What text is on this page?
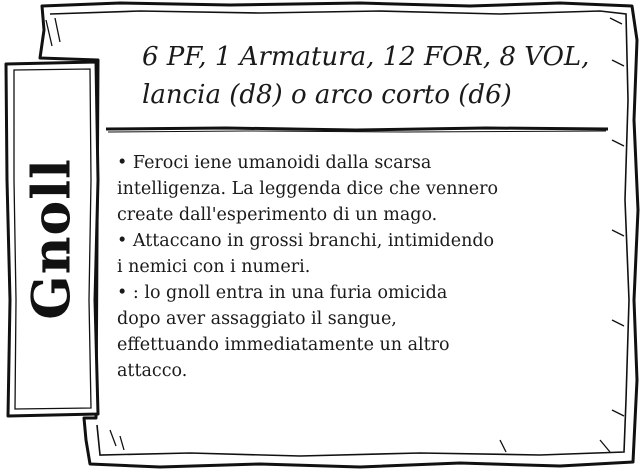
Gnoll
6 PF, 1 Armatura, 12 FOR, 8 VOL,
lancia (d8) o arco corto (d6)

• Feroci iene umanoidi dalla scarsa
intelligenza. La leggenda dice che vennero
create dall'esperimento di un mago.

• Attaccano in grossi branchi, intimidendo
i nemici con i numeri.

• : lo gnoll entra in una furia omicida
dopo aver assaggiato il sangue,
effettuando immediatamente un altro
attacco.
